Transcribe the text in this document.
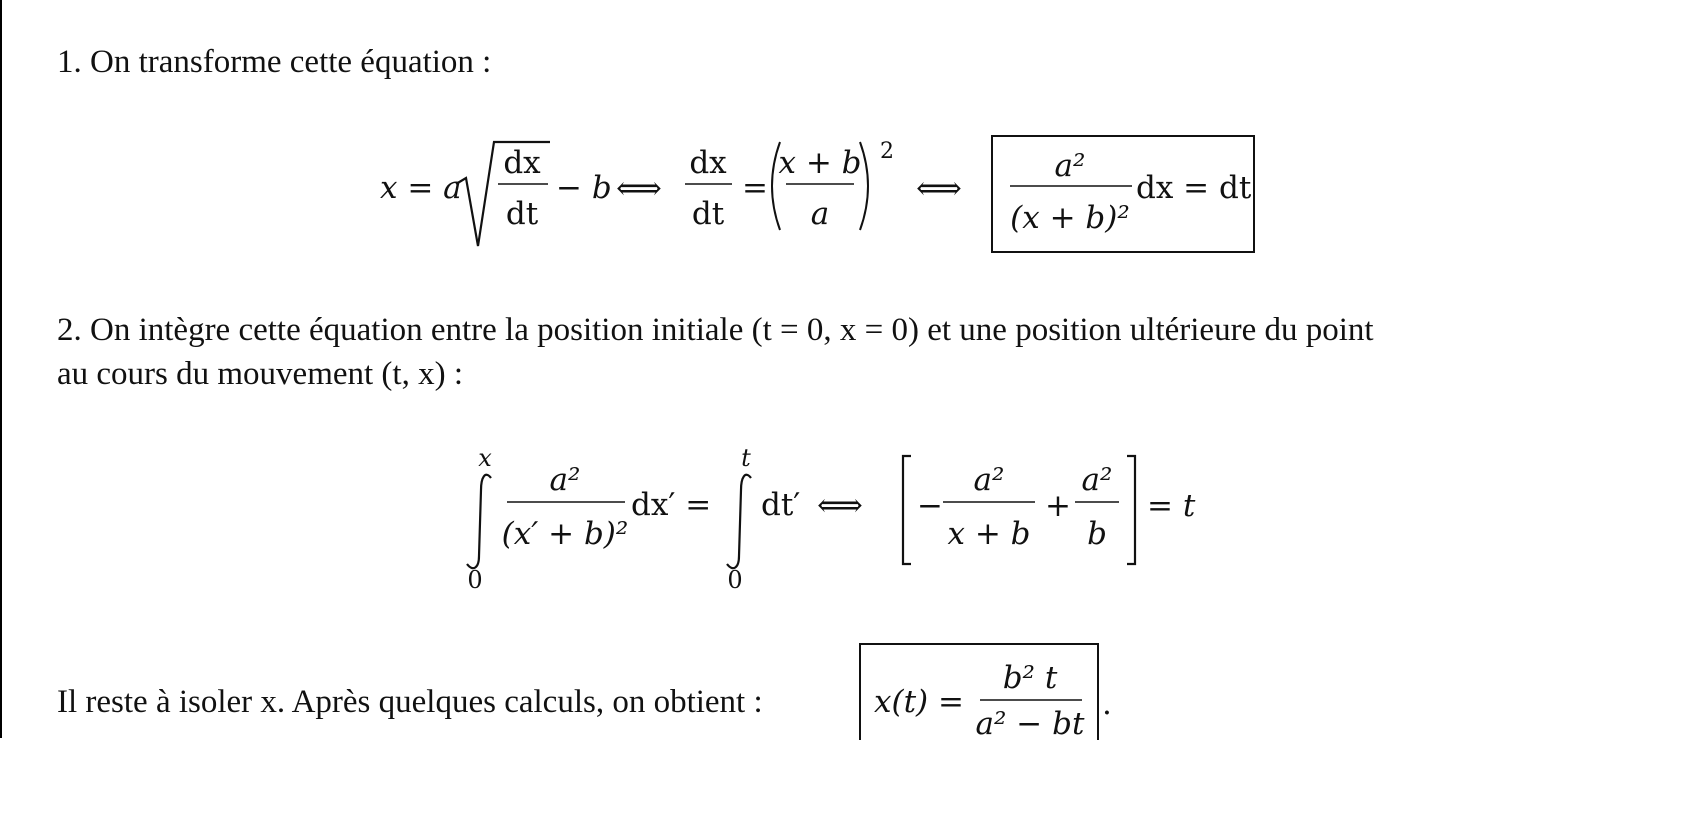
1. On transforme cette équation :
x = a
dx
dt
− b ⟺
dx
dt
=
x + b
a
2
⟺
a²
(x + b)²
dx = dt
2. On intègre cette équation entre la position initiale (t = 0, x = 0) et une position ultérieure du point
au cours du mouvement (t, x) :
x
0
a²
(x′ + b)²
dx′ =
t
0
dt′ ⟺ −
a²
x + b
+
a²
b
= t
Il reste à isoler x. Après quelques calculs, on obtient :	x(t) =
b² t
a² − bt
.
